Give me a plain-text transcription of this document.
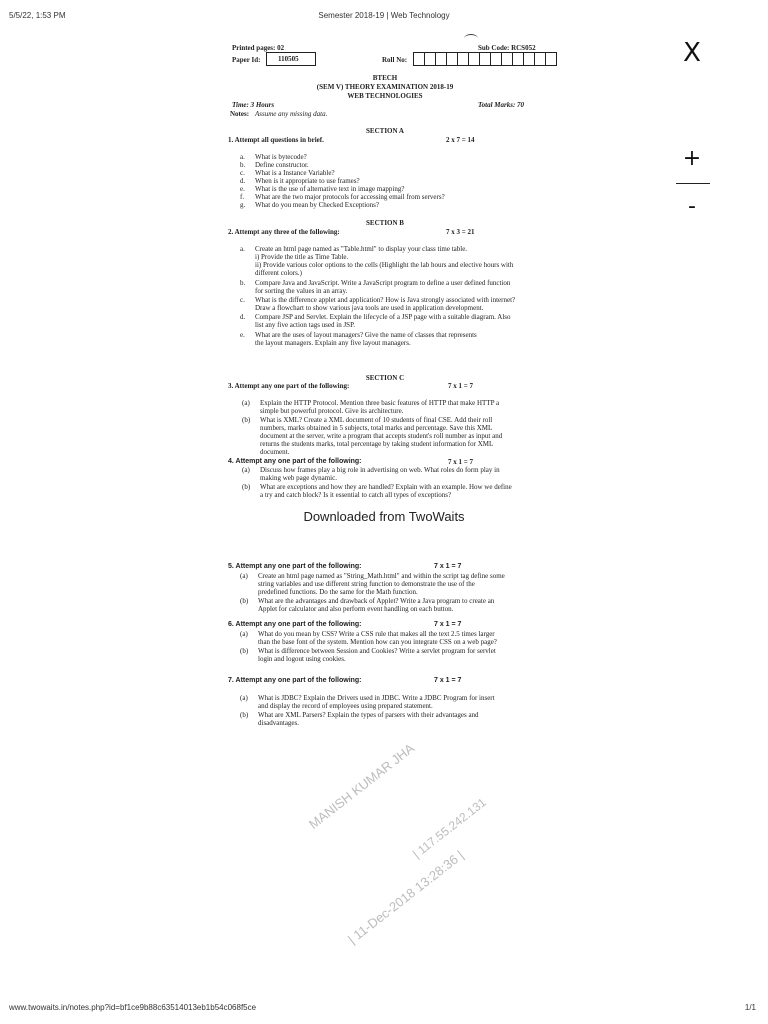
5/5/22, 1:53 PM	Semester 2018-19 | Web Technology
X
+
-
Printed pages: 02
Paper Id:	110505
Sub Code: RCS052
Roll No:
BTECH
(SEM V) THEORY EXAMINATION 2018-19
WEB TECHNOLOGIES
Time: 3 Hours	Total Marks: 70
Notes: Assume any missing data.
SECTION A
1. Attempt all questions in brief.	2 x 7 = 14
a. What is bytecode?
b. Define constructor.
c. What is a Instance Variable?
d. When is it appropriate to use frames?
e. What is the use of alternative text in image mapping?
f. What are the two major protocols for accessing email from servers?
g. What do you mean by Checked Exceptions?
SECTION B
2. Attempt any three of the following:	7 x 3 = 21
a. Create an html page named as "Table.html" to display your class time table.
i) Provide the title as Time Table.
ii) Provide various color options to the cells (Highlight the lab hours and elective hours with
different colors.)
b. Compare Java and JavaScript. Write a JavaScript program to define a user defined function
for sorting the values in an array.
c. What is the difference applet and application? How is Java strongly associated with internet?
Draw a flowchart to show various java tools are used in application development.
d. Compare JSP and Servlet. Explain the lifecycle of a JSP page with a suitable diagram. Also
list any five action tags used in JSP.
e. What are the uses of layout managers? Give the name of classes that represents
the layout managers. Explain any five layout managers.
SECTION C
3. Attempt any one part of the following:	7 x 1 = 7
(a) Explain the HTTP Protocol. Mention three basic features of HTTP that make HTTP a
simple but powerful protocol. Give its architecture.
(b) What is XML? Create a XML document of 10 students of final CSE. Add their roll
numbers, marks obtained in 5 subjects, total marks and percentage. Save this XML
document at the server, write a program that accepts student's roll number as input and
returns the students marks, total percentage by taking student information for XML
document.
4. Attempt any one part of the following:	7 x 1 = 7
(a) Discuss how frames play a big role in advertising on web. What roles do form play in
making web page dynamic.
(b) What are exceptions and how they are handled? Explain with an example. How we define
a try and catch block? Is it essential to catch all types of exceptions?
5. Attempt any one part of the following:	7 x 1 = 7
(a) Create an html page named as "String_Math.html" and within the script tag define some
string variables and use different string function to demonstrate the use of the
predefined functions. Do the same for the Math function.
(b) What are the advantages and drawback of Applet? Write a Java program to create an
Applet for calculator and also perform event handling on each button.
6. Attempt any one part of the following:	7 x 1 = 7
(a) What do you mean by CSS? Write a CSS rule that makes all the text 2.5 times larger
than the base font of the system. Mention how can you integrate CSS on a web page?
(b) What is difference between Session and Cookies? Write a servlet program for servlet
login and logout using cookies.
7. Attempt any one part of the following:	7 x 1 = 7
(a) What is JDBC? Explain the Drivers used in JDBC. Write a JDBC Program for insert
and display the record of employees using prepared statement.
(b) What are XML Parsers? Explain the types of parsers with their advantages and
disadvantages.
MANISH KUMAR JHA
| 117.55.242.131
| 11-Dec-2018 13:28:36 |
Downloaded from TwoWaits
www.twowaits.in/notes.php?id=bf1ce9b88c63514013eb1b54c068f5ce	1/1
